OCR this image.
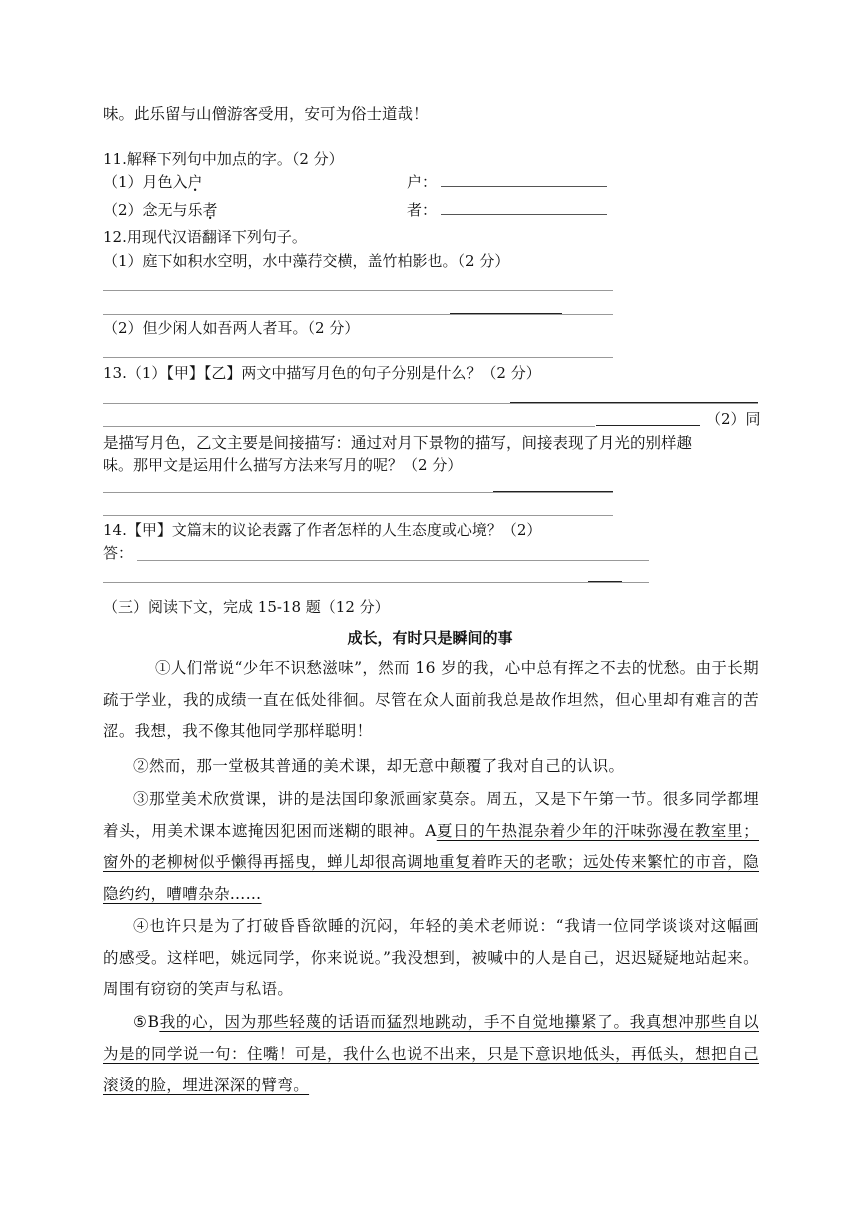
味。此乐留与山僧游客受用，安可为俗士道哉！
11.解释下列句中加点的字。（2 分）
（1）月色入户	户：
（2）念无与乐者	者：
12.用现代汉语翻译下列句子。
（1）庭下如积水空明，水中藻荇交横，盖竹柏影也。（2 分）
（2）但少闲人如吾两人者耳。（2 分）
13.（1）【甲】【乙】两文中描写月色的句子分别是什么？（2 分）
（2）同
是描写月色，乙文主要是间接描写：通过对月下景物的描写，间接表现了月光的别样趣
味。那甲文是运用什么描写方法来写月的呢？（2 分）
14.【甲】文篇末的议论表露了作者怎样的人生态度或心境？（2）
答：
（三）阅读下文，完成 15-18 题（12 分）
成长，有时只是瞬间的事
①人们常说“少年不识愁滋味”，然而 16 岁的我，心中总有挥之不去的忧愁。由于长期疏于学业，我的成绩一直在低处徘徊。尽管在众人面前我总是故作坦然，但心里却有难言的苦涩。我想，我不像其他同学那样聪明！
②然而，那一堂极其普通的美术课，却无意中颠覆了我对自己的认识。
③那堂美术欣赏课，讲的是法国印象派画家莫奈。周五，又是下午第一节。很多同学都埋着头，用美术课本遮掩因犯困而迷糊的眼神。A夏日的午热混杂着少年的汗味弥漫在教室里；窗外的老柳树似乎懒得再摇曳，蝉儿却很高调地重复着昨天的老歌；远处传来繁忙的市音，隐隐约约，嘈嘈杂杂……
④也许只是为了打破昏昏欲睡的沉闷，年轻的美术老师说：“我请一位同学谈谈对这幅画的感受。这样吧，姚远同学，你来说说。”我没想到，被喊中的人是自己，迟迟疑疑地站起来。周围有窃窃的笑声与私语。
⑤B我的心，因为那些轻蔑的话语而猛烈地跳动，手不自觉地攥紧了。我真想冲那些自以为是的同学说一句：住嘴！可是，我什么也说不出来，只是下意识地低头，再低头，想把自己滚烫的脸，埋进深深的臂弯。
